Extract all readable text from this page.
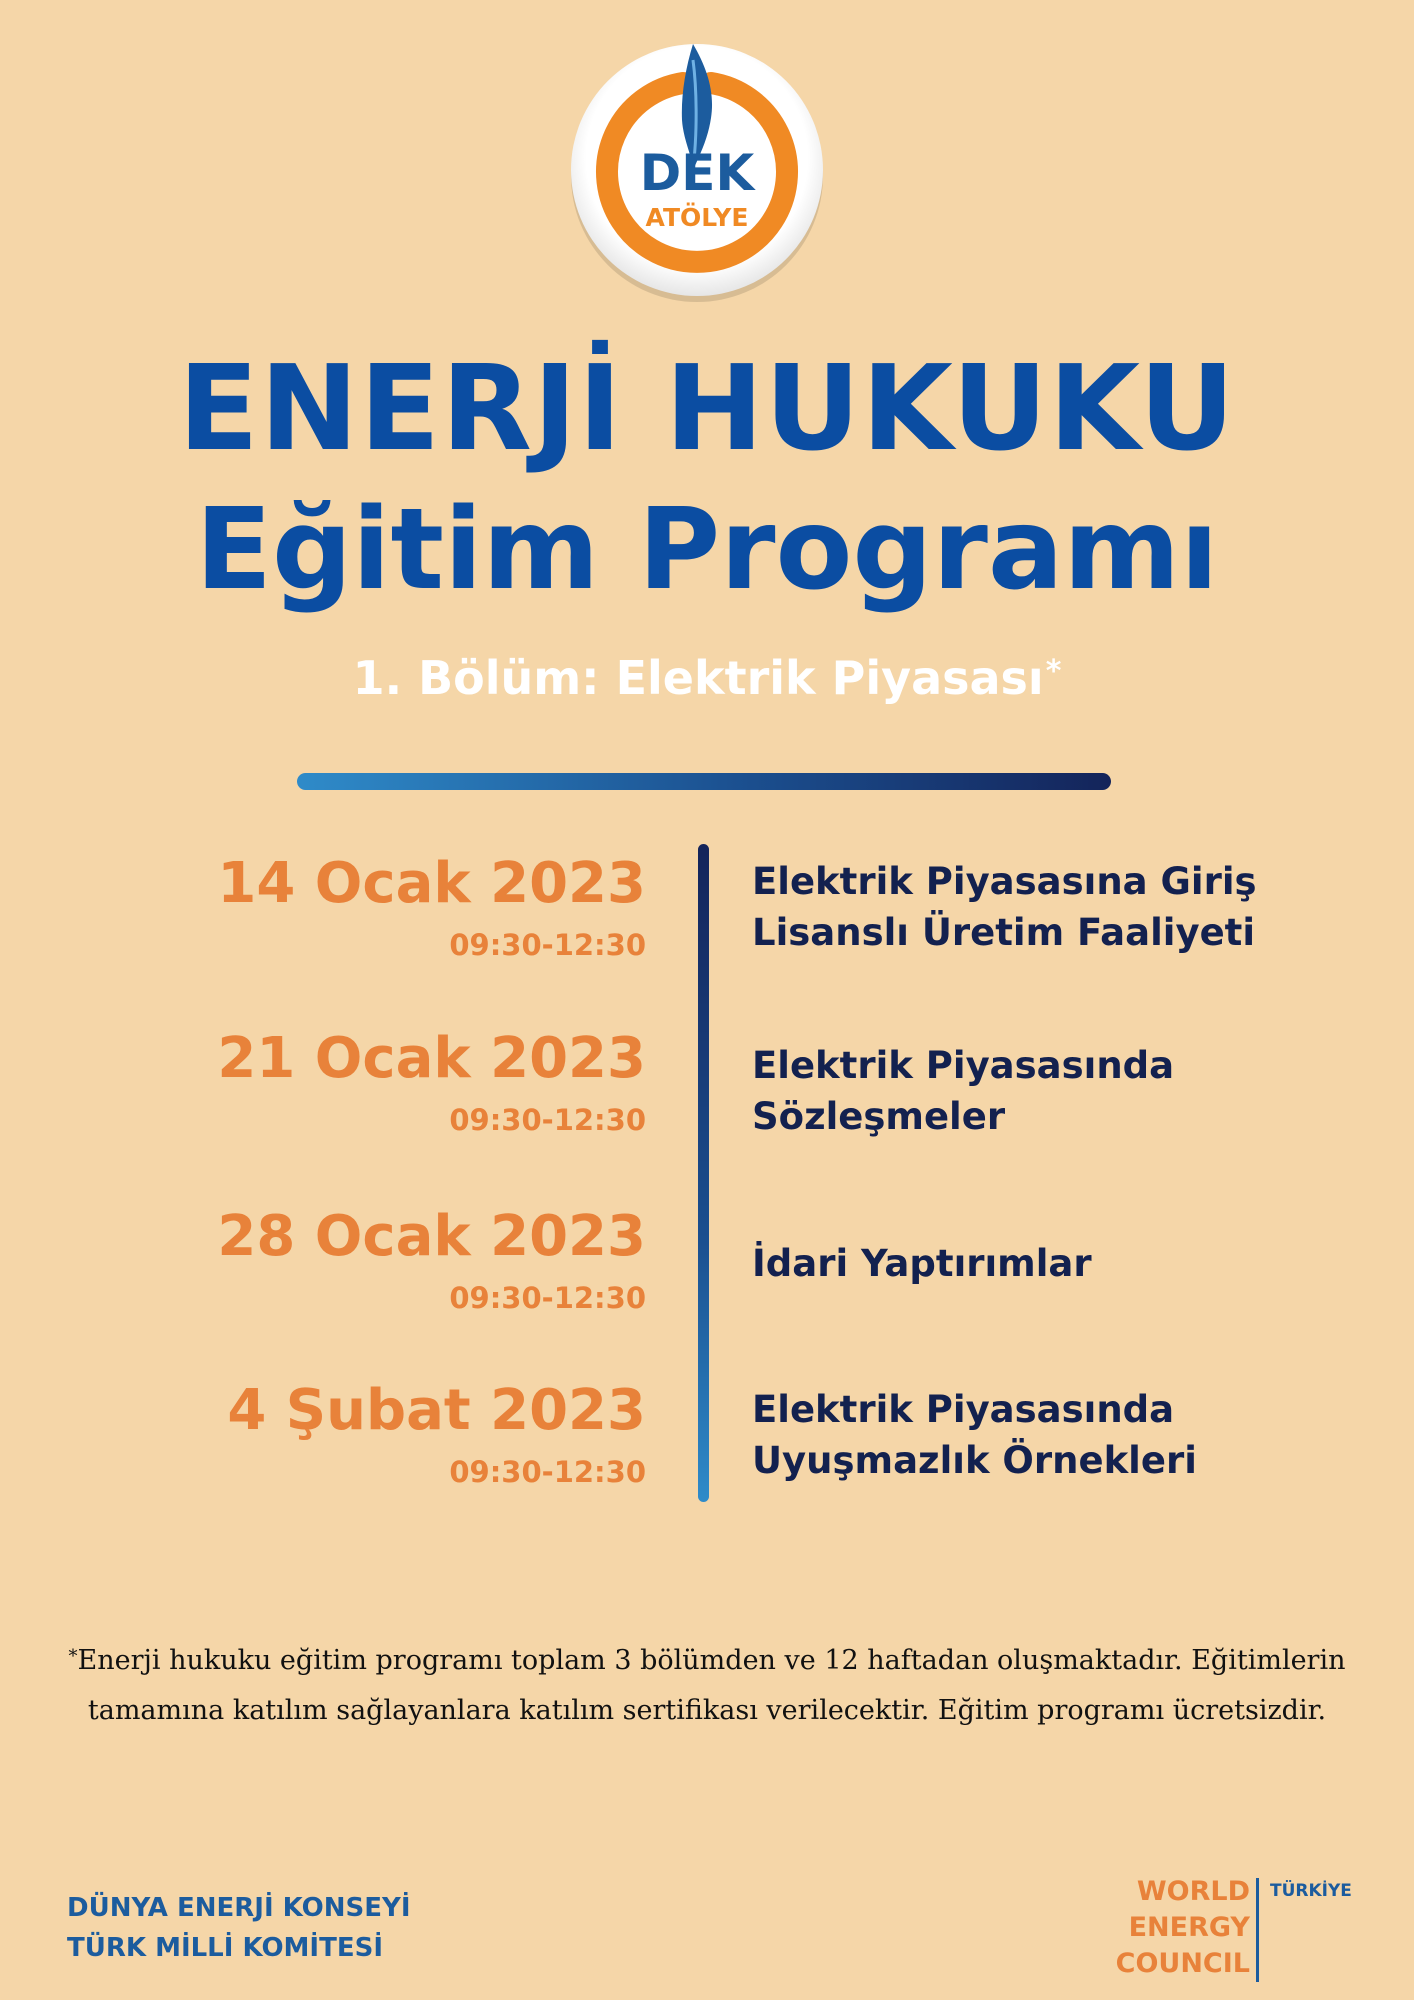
DEK
ATÖLYE
ENERJİ HUKUKU
Eğitim Programı
1. Bölüm: Elektrik Piyasası*
14 Ocak 2023
09:30-12:30
Elektrik Piyasasına Giriş
Lisanslı Üretim Faaliyeti
21 Ocak 2023
09:30-12:30
Elektrik Piyasasında
Sözleşmeler
28 Ocak 2023
09:30-12:30
İdari Yaptırımlar
4 Şubat 2023
09:30-12:30
Elektrik Piyasasında
Uyuşmazlık Örnekleri
*Enerji hukuku eğitim programı toplam 3 bölümden ve 12 haftadan oluşmaktadır. Eğitimlerin
tamamına katılım sağlayanlara katılım sertifikası verilecektir. Eğitim programı ücretsizdir.
DÜNYA ENERJİ KONSEYİ
TÜRK MİLLİ KOMİTESİ
WORLD
ENERGY
COUNCIL
TÜRKİYE
